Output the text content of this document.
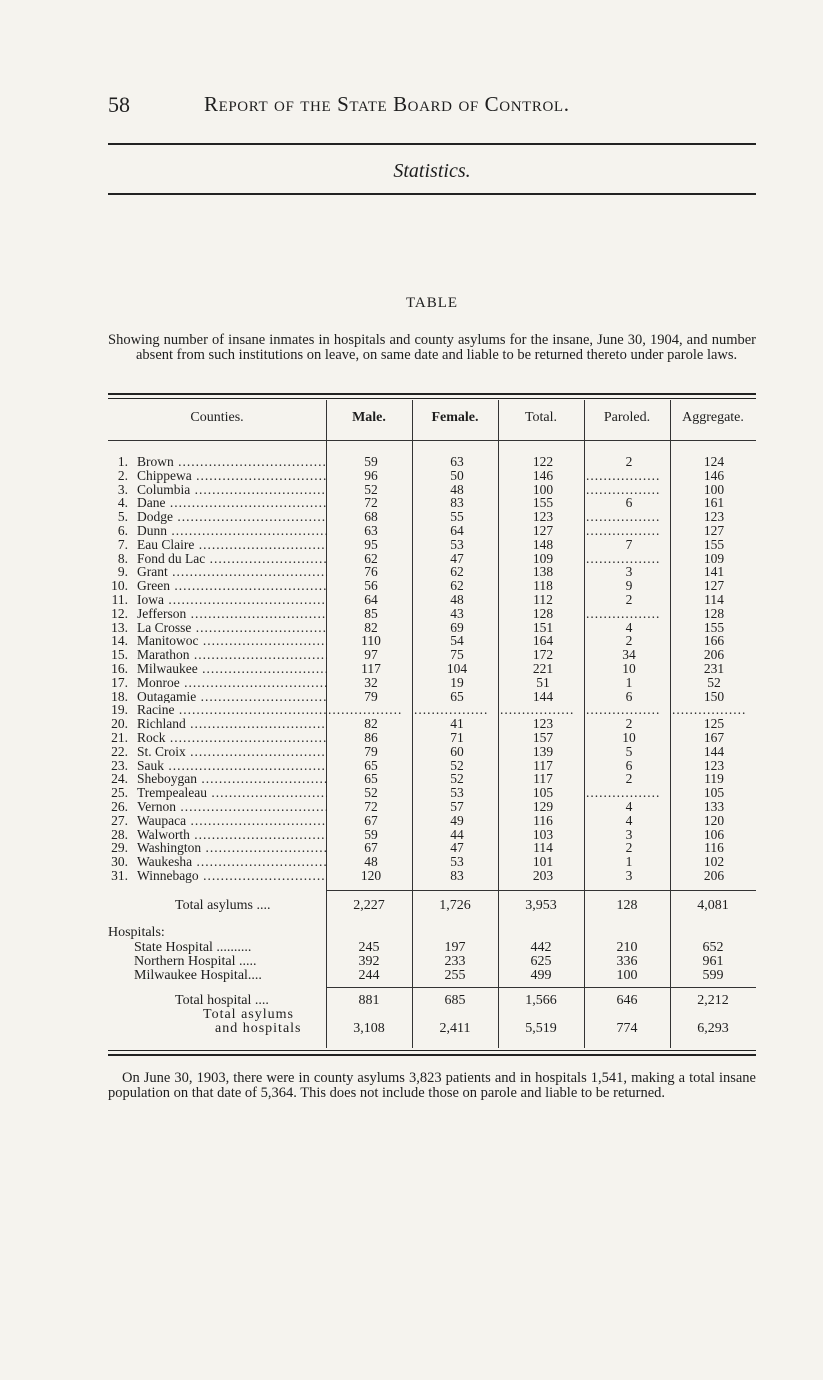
58	Report of the State Board of Control.
Statistics.
TABLE
Showing number of insane inmates in hospitals and county asylums for the insane, June 30, 1904, and number absent from such institutions on leave, on same date and liable to be returned thereto under parole laws.
Counties.	Male.	Female.	Total.	Paroled.	Aggregate.
1. Brown .....	59	63	122	2	124
2. Chippewa .....	96	50	146	.................	146
3. Columbia .....	52	48	100	.................	100
4. Dane .....	72	83	155	6	161
5. Dodge .....	68	55	123	.................	123
6. Dunn .....	63	64	127	.................	127
7. Eau Claire .....	95	53	148	7	155
8. Fond du Lac .....	62	47	109	.................	109
9. Grant .....	76	62	138	3	141
10. Green .....	56	62	118	9	127
11. Iowa .....	64	48	112	2	114
12. Jefferson .....	85	43	128	.................	128
13. La Crosse .....	82	69	151	4	155
14. Manitowoc .....	110	54	164	2	166
15. Marathon .....	97	75	172	34	206
16. Milwaukee .....	117	104	221	10	231
17. Monroe .....	32	19	51	1	52
18. Outagamie .....	79	65	144	6	150
19. Racine .....	................. ................. ................. ................. .................
20. Richland .....	82	41	123	2	125
21. Rock .....	86	71	157	10	167
22. St. Croix .....	79	60	139	5	144
23. Sauk .....	65	52	117	6	123
24. Sheboygan .....	65	52	117	2	119
25. Trempealeau .....	52	53	105	.................	105
26. Vernon .....	72	57	129	4	133
27. Waupaca .....	67	49	116	4	120
28. Walworth .....	59	44	103	3	106
29. Washington .....	67	47	114	2	116
30. Waukesha .....	48	53	101	1	102
31. Winnebago .....	120	83	203	3	206
Total asylums ....	2,227	1,726	3,953	128	4,081
Hospitals:
State Hospital ..........	245	197	442	210	652
Northern Hospital .....	392	233	625	336	961
Milwaukee Hospital....	244	255	499	100	599
Total hospital ....	881	685	1,566	646	2,212
Total asylums
and hospitals	3,108	2,411	5,519	774	6,293
On June 30, 1903, there were in county asylums 3,823 patients and in hospitals 1,541, making a total insane population on that date of 5,364. This does not include those on parole and liable to be returned.
